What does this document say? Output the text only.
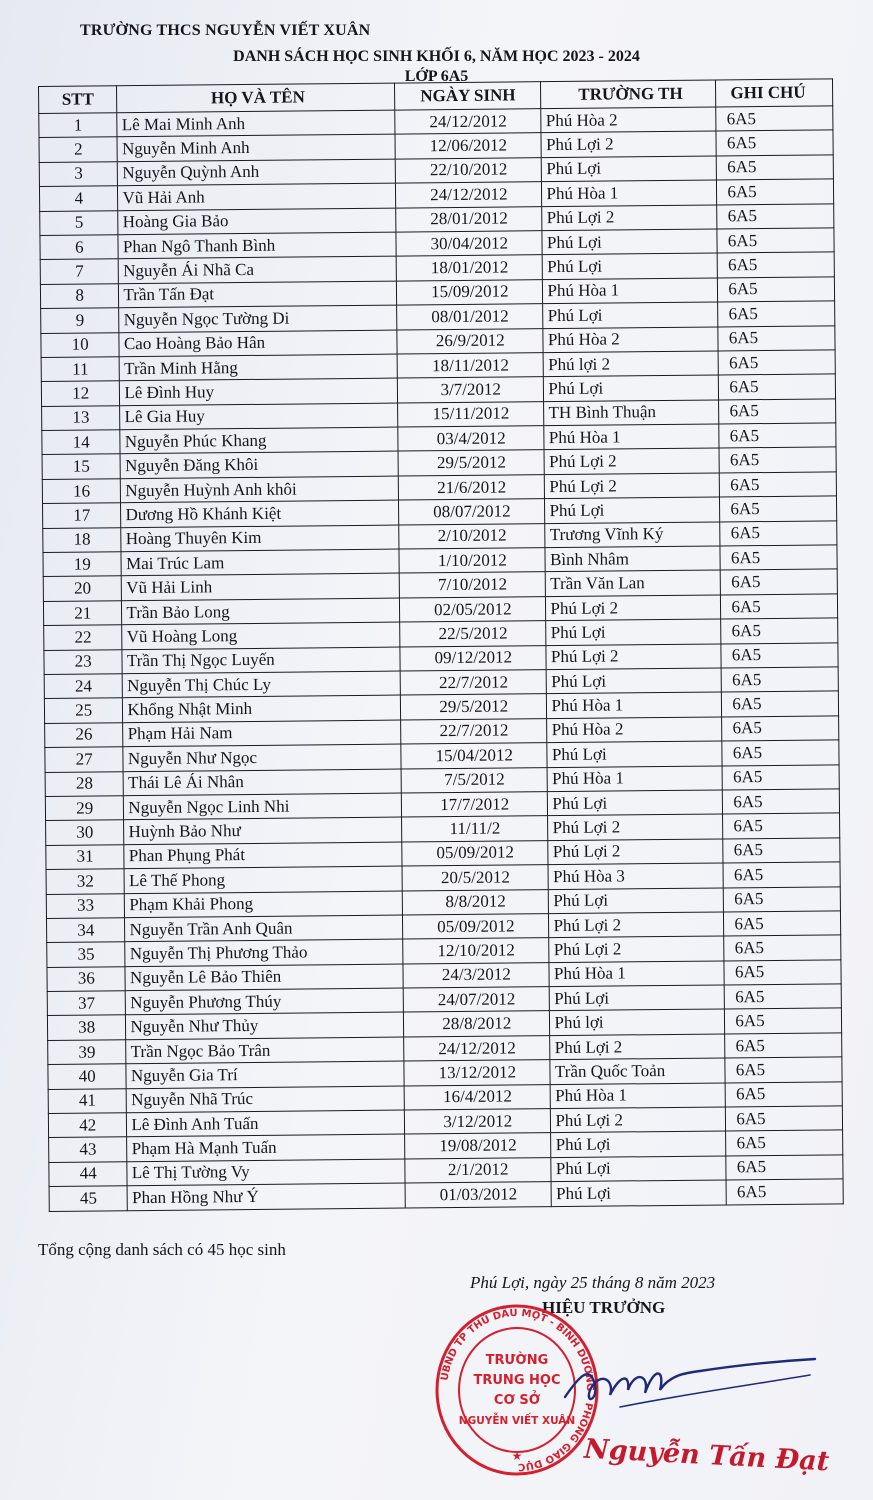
TRƯỜNG THCS NGUYỄN VIẾT XUÂN
DANH SÁCH HỌC SINH KHỐI 6, NĂM HỌC 2023 - 2024
LỚP 6A5
STT	HỌ VÀ TÊN	NGÀY SINH	TRƯỜNG TH	GHI CHÚ
1	Lê Mai Minh Anh	24/12/2012	Phú Hòa 2	6A5
2	Nguyễn Minh Anh	12/06/2012	Phú Lợi 2	6A5
3	Nguyễn Quỳnh Anh	22/10/2012	Phú Lợi	6A5
4	Vũ Hải Anh	24/12/2012	Phú Hòa 1	6A5
5	Hoàng Gia Bảo	28/01/2012	Phú Lợi 2	6A5
6	Phan Ngô Thanh Bình	30/04/2012	Phú Lợi	6A5
7	Nguyễn Ái Nhã Ca	18/01/2012	Phú Lợi	6A5
8	Trần Tấn Đạt	15/09/2012	Phú Hòa 1	6A5
9	Nguyễn Ngọc Tường Di	08/01/2012	Phú Lợi	6A5
10	Cao Hoàng Bảo Hân	26/9/2012	Phú Hòa 2	6A5
11	Trần Minh Hằng	18/11/2012	Phú lợi 2	6A5
12	Lê Đình Huy	3/7/2012	Phú Lợi	6A5
13	Lê Gia Huy	15/11/2012	TH Bình Thuận	6A5
14	Nguyễn Phúc Khang	03/4/2012	Phú Hòa 1	6A5
15	Nguyễn Đăng Khôi	29/5/2012	Phú Lợi 2	6A5
16	Nguyễn Huỳnh Anh khôi	21/6/2012	Phú Lợi 2	6A5
17	Dương Hồ Khánh Kiệt	08/07/2012	Phú Lợi	6A5
18	Hoàng Thuyên Kim	2/10/2012	Trương Vĩnh Ký	6A5
19	Mai Trúc Lam	1/10/2012	Bình Nhâm	6A5
20	Vũ Hải Linh	7/10/2012	Trần Văn Lan	6A5
21	Trần Bảo Long	02/05/2012	Phú Lợi 2	6A5
22	Vũ Hoàng Long	22/5/2012	Phú Lợi	6A5
23	Trần Thị Ngọc Luyến	09/12/2012	Phú Lợi 2	6A5
24	Nguyễn Thị Chúc Ly	22/7/2012	Phú Lợi	6A5
25	Khổng Nhật Minh	29/5/2012	Phú Hòa 1	6A5
26	Phạm Hải Nam	22/7/2012	Phú Hòa 2	6A5
27	Nguyễn Như Ngọc	15/04/2012	Phú Lợi	6A5
28	Thái Lê Ái Nhân	7/5/2012	Phú Hòa 1	6A5
29	Nguyễn Ngọc Linh Nhi	17/7/2012	Phú Lợi	6A5
30	Huỳnh Bảo Như	11/11/2	Phú Lợi 2	6A5
31	Phan Phụng Phát	05/09/2012	Phú Lợi 2	6A5
32	Lê Thế Phong	20/5/2012	Phú Hòa 3	6A5
33	Phạm Khải Phong	8/8/2012	Phú Lợi	6A5
34	Nguyễn Trần Anh Quân	05/09/2012	Phú Lợi 2	6A5
35	Nguyễn Thị Phương Thảo	12/10/2012	Phú Lợi 2	6A5
36	Nguyễn Lê Bảo Thiên	24/3/2012	Phú Hòa 1	6A5
37	Nguyễn Phương Thúy	24/07/2012	Phú Lợi	6A5
38	Nguyễn Như Thủy	28/8/2012	Phú lợi	6A5
39	Trần Ngọc Bảo Trân	24/12/2012	Phú Lợi 2	6A5
40	Nguyễn Gia Trí	13/12/2012	Trần Quốc Toản	6A5
41	Nguyễn Nhã Trúc	16/4/2012	Phú Hòa 1	6A5
42	Lê Đình Anh Tuấn	3/12/2012	Phú Lợi 2	6A5
43	Phạm Hà Mạnh Tuấn	19/08/2012	Phú Lợi	6A5
44	Lê Thị Tường Vy	2/1/2012	Phú Lợi	6A5
45	Phan Hồng Như Ý	01/03/2012	Phú Lợi	6A5
Tổng cộng danh sách có 45 học sinh
Phú Lợi, ngày 25 tháng 8 năm 2023
HIỆU TRƯỞNG
UBND TP THỦ DẦU MỘT - BÌNH DƯƠNG - PHÒNG GIÁO DỤC
TRƯỜNG
TRUNG HỌC
CƠ SỞ
NGUYỄN VIẾT XUÂN
★ Nguyễn Tấn Đạt
